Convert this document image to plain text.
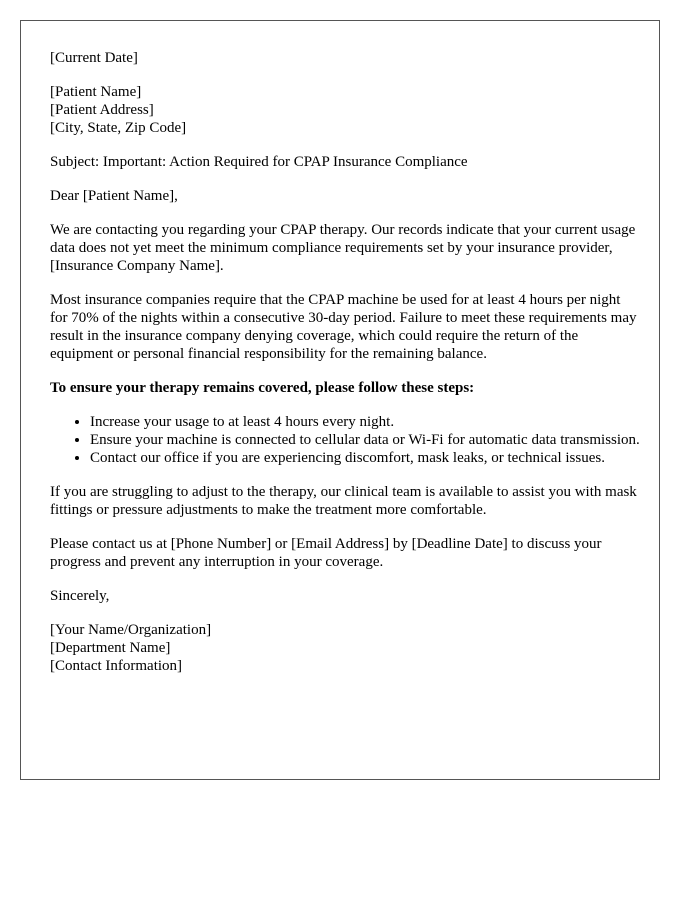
[Current Date]

[Patient Name]
[Patient Address]
[City, State, Zip Code]

Subject: Important: Action Required for CPAP Insurance Compliance

Dear [Patient Name],

We are contacting you regarding your CPAP therapy. Our records indicate that your current usage data does not yet meet the minimum compliance requirements set by your insurance provider, [Insurance Company Name].

Most insurance companies require that the CPAP machine be used for at least 4 hours per night for 70% of the nights within a consecutive 30-day period. Failure to meet these requirements may result in the insurance company denying coverage, which could require the return of the equipment or personal financial responsibility for the remaining balance.

To ensure your therapy remains covered, please follow these steps:

• Increase your usage to at least 4 hours every night.
• Ensure your machine is connected to cellular data or Wi-Fi for automatic data transmission.
• Contact our office if you are experiencing discomfort, mask leaks, or technical issues.

If you are struggling to adjust to the therapy, our clinical team is available to assist you with mask fittings or pressure adjustments to make the treatment more comfortable.

Please contact us at [Phone Number] or [Email Address] by [Deadline Date] to discuss your progress and prevent any interruption in your coverage.

Sincerely,

[Your Name/Organization]
[Department Name]
[Contact Information]
